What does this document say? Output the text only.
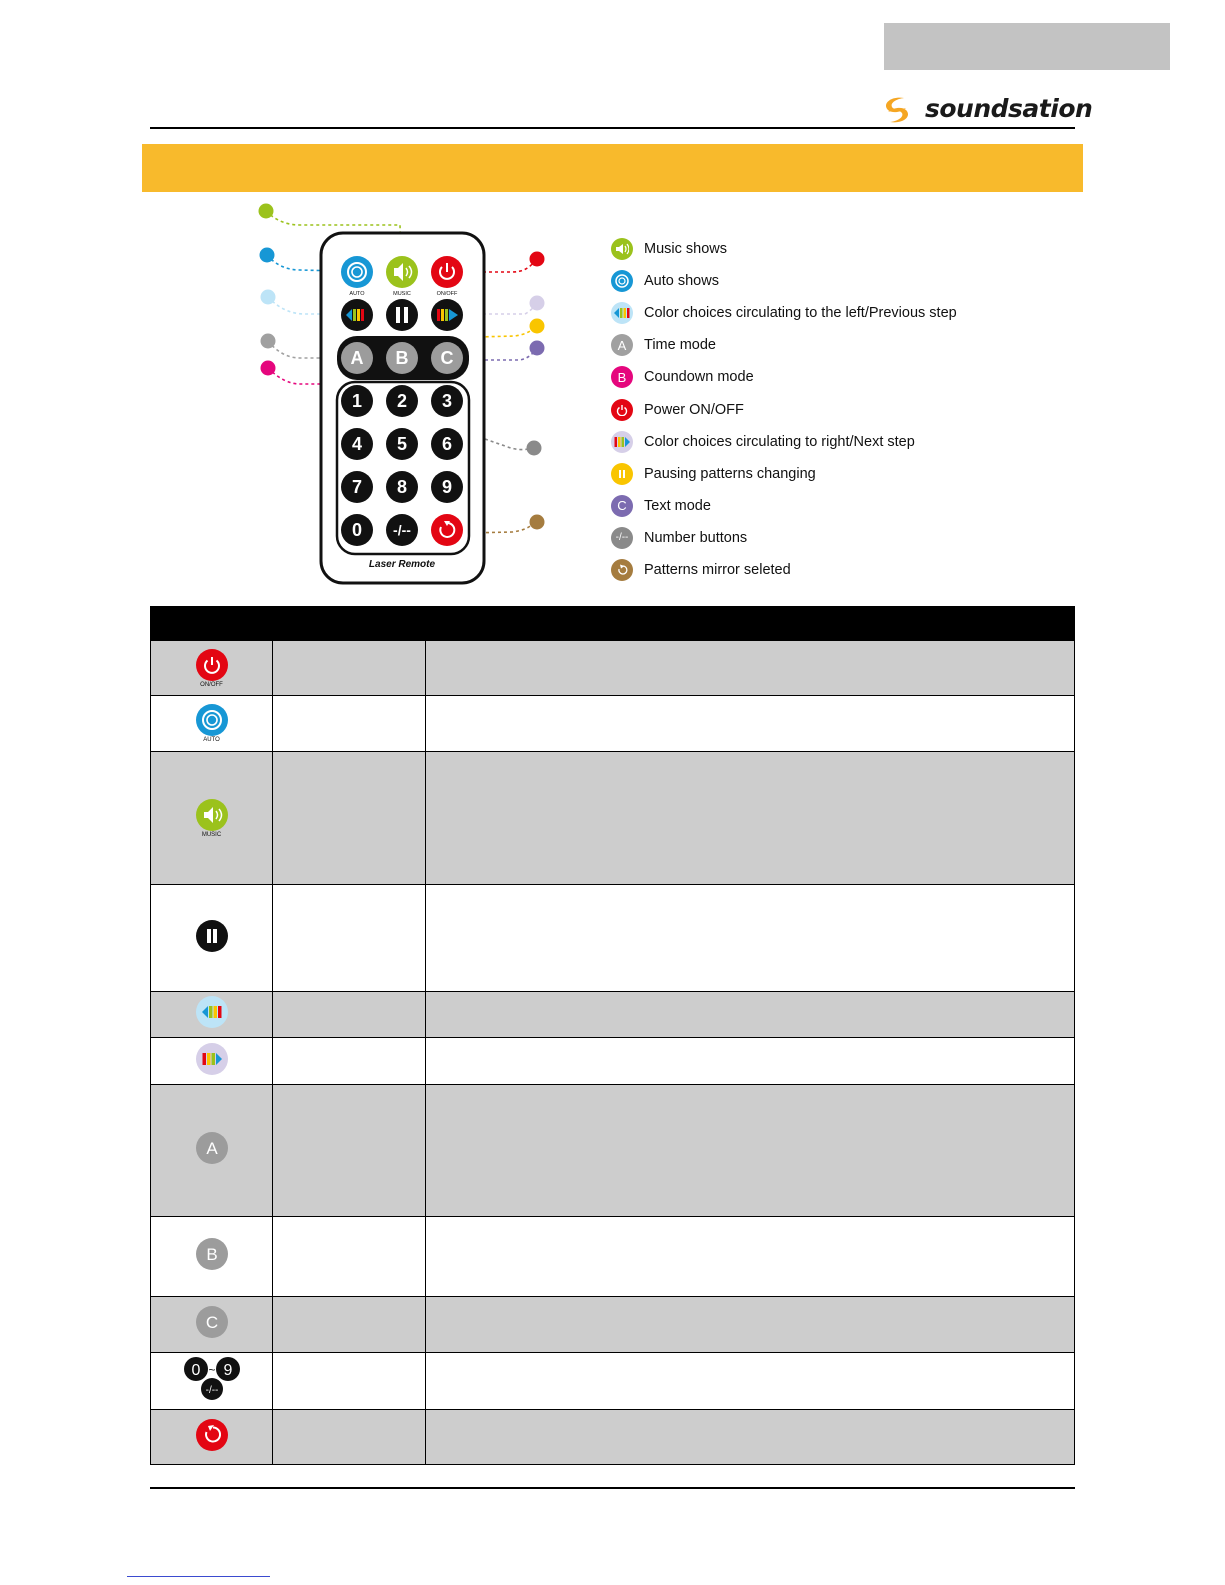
soundsation
AUTO	MUSIC	ON/OFF
A B C
1 2 3
4 5 6
7 8 9
0 -/--
Laser Remote
Music shows
Auto shows
Color choices circulating to the left/Previous step
A	Time mode
B	Coundown mode
Power ON/OFF
Color choices circulating to right/Next step
Pausing patterns changing
C	Text mode
-/--	Number buttons
Patterns mirror seleted

ON/OFF		

AUTO		

MUSIC		

A		

B		

C		

0 ~ 9
-/--		
